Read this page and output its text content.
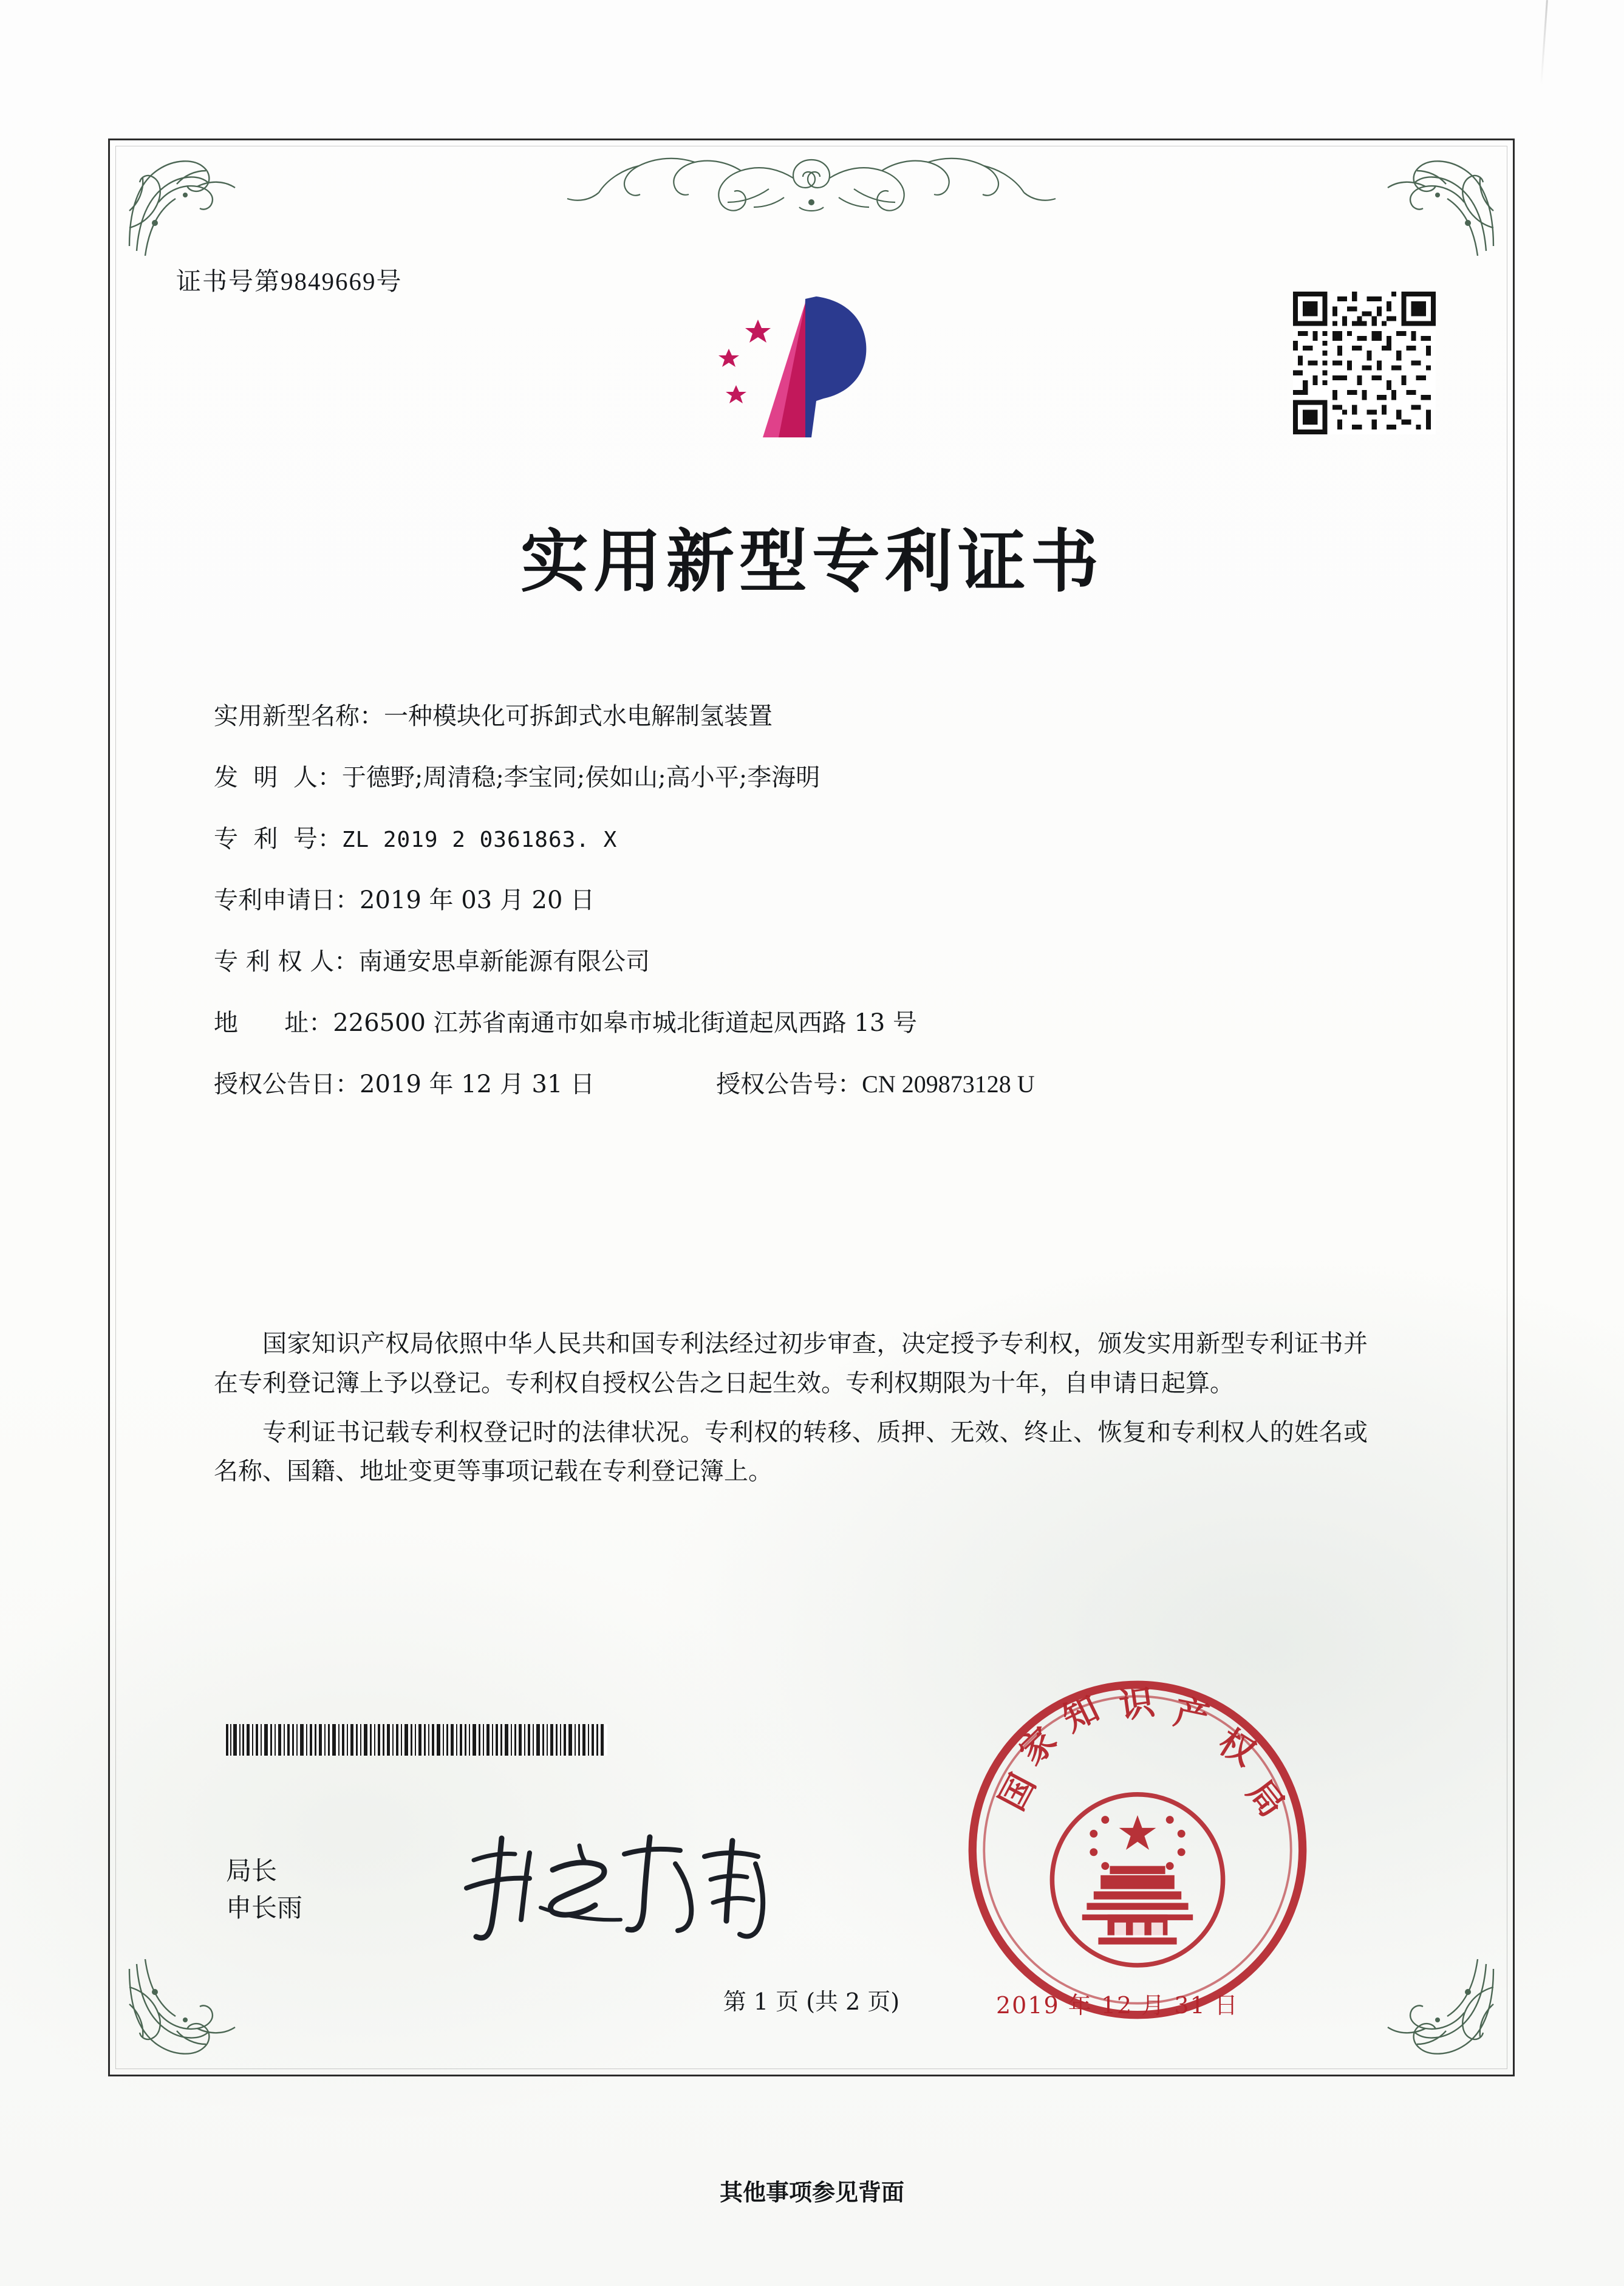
第 1 页 (共 2 页)
证书号第9849669号
实用新型专利证书
实用新型名称： 一种模块化可拆卸式水电解制氢装置
发  明  人： 于德野;周清稳;李宝同;侯如山;高小平;李海明
专  利  号： ZL 2019 2 0361863. X
专利申请日： 2019 年 03 月 20 日
专 利 权 人： 南通安思卓新能源有限公司
地      址： 226500 江苏省南通市如皋市城北街道起凤西路 13 号
授权公告日： 2019 年 12 月 31 日	授权公告号： CN 209873128 U

国家知识产权局依照中华人民共和国专利法经过初步审查，决定授予专利权，颁发实用新型专利证书并在专利登记簿上予以登记。专利权自授权公告之日起生效。专利权期限为十年，自申请日起算。

专利证书记载专利权登记时的法律状况。专利权的转移、质押、无效、终止、恢复和专利权人的姓名或名称、国籍、地址变更等事项记载在专利登记簿上。

局长
申长雨
国
家
知 识 产
权
局
2019 年 12 月 31 日
其他事项参见背面
